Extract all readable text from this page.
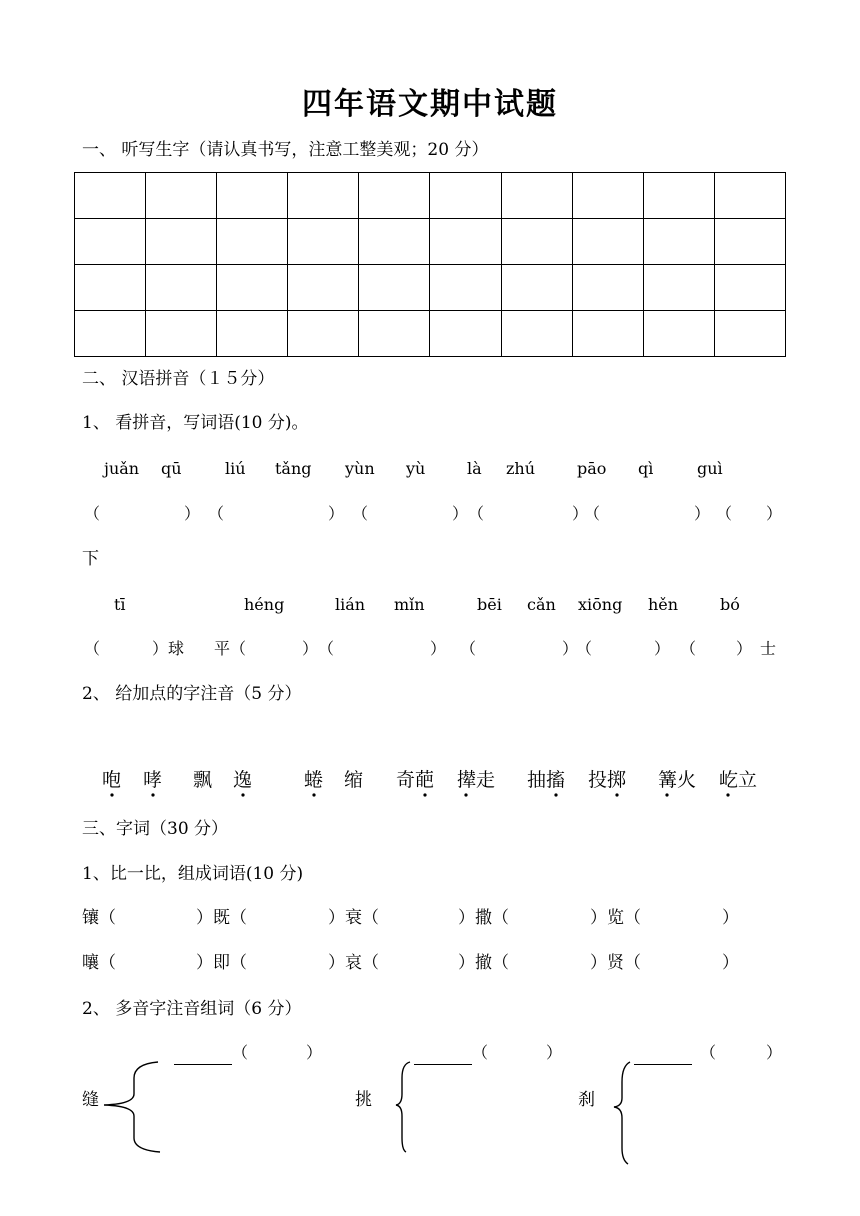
四年语文期中试题
一、 听写生字（请认真书写，注意工整美观；20 分）

二、 汉语拼音（１５分）
1、 看拼音，写词语(10 分)。
juǎn qū	liú tǎng yùn yù	là zhú	pāo qì	guì
（	） （	） （	） （	）
（	） （ ）
下
tī	héng	lián mǐn	bēi cǎn xiōng hěn	bó
（	）球 平（	） （	） （	）
（	） （ ） 士
2、 给加点的字注音（5 分）
咆 哮 飘 逸	蜷 缩 奇葩 撵走 抽搐 投掷 篝火 屹立
三、字词（30 分）
1、比一比，组成词语(10 分)
镶（	）既（	）衰（	）撒（	）览（	）
嚷（	）即（	）哀（	）撤（	）贤（	）
2、 多音字注音组词（6 分）
缝	挑	刹
（	）	（	）	（	）
